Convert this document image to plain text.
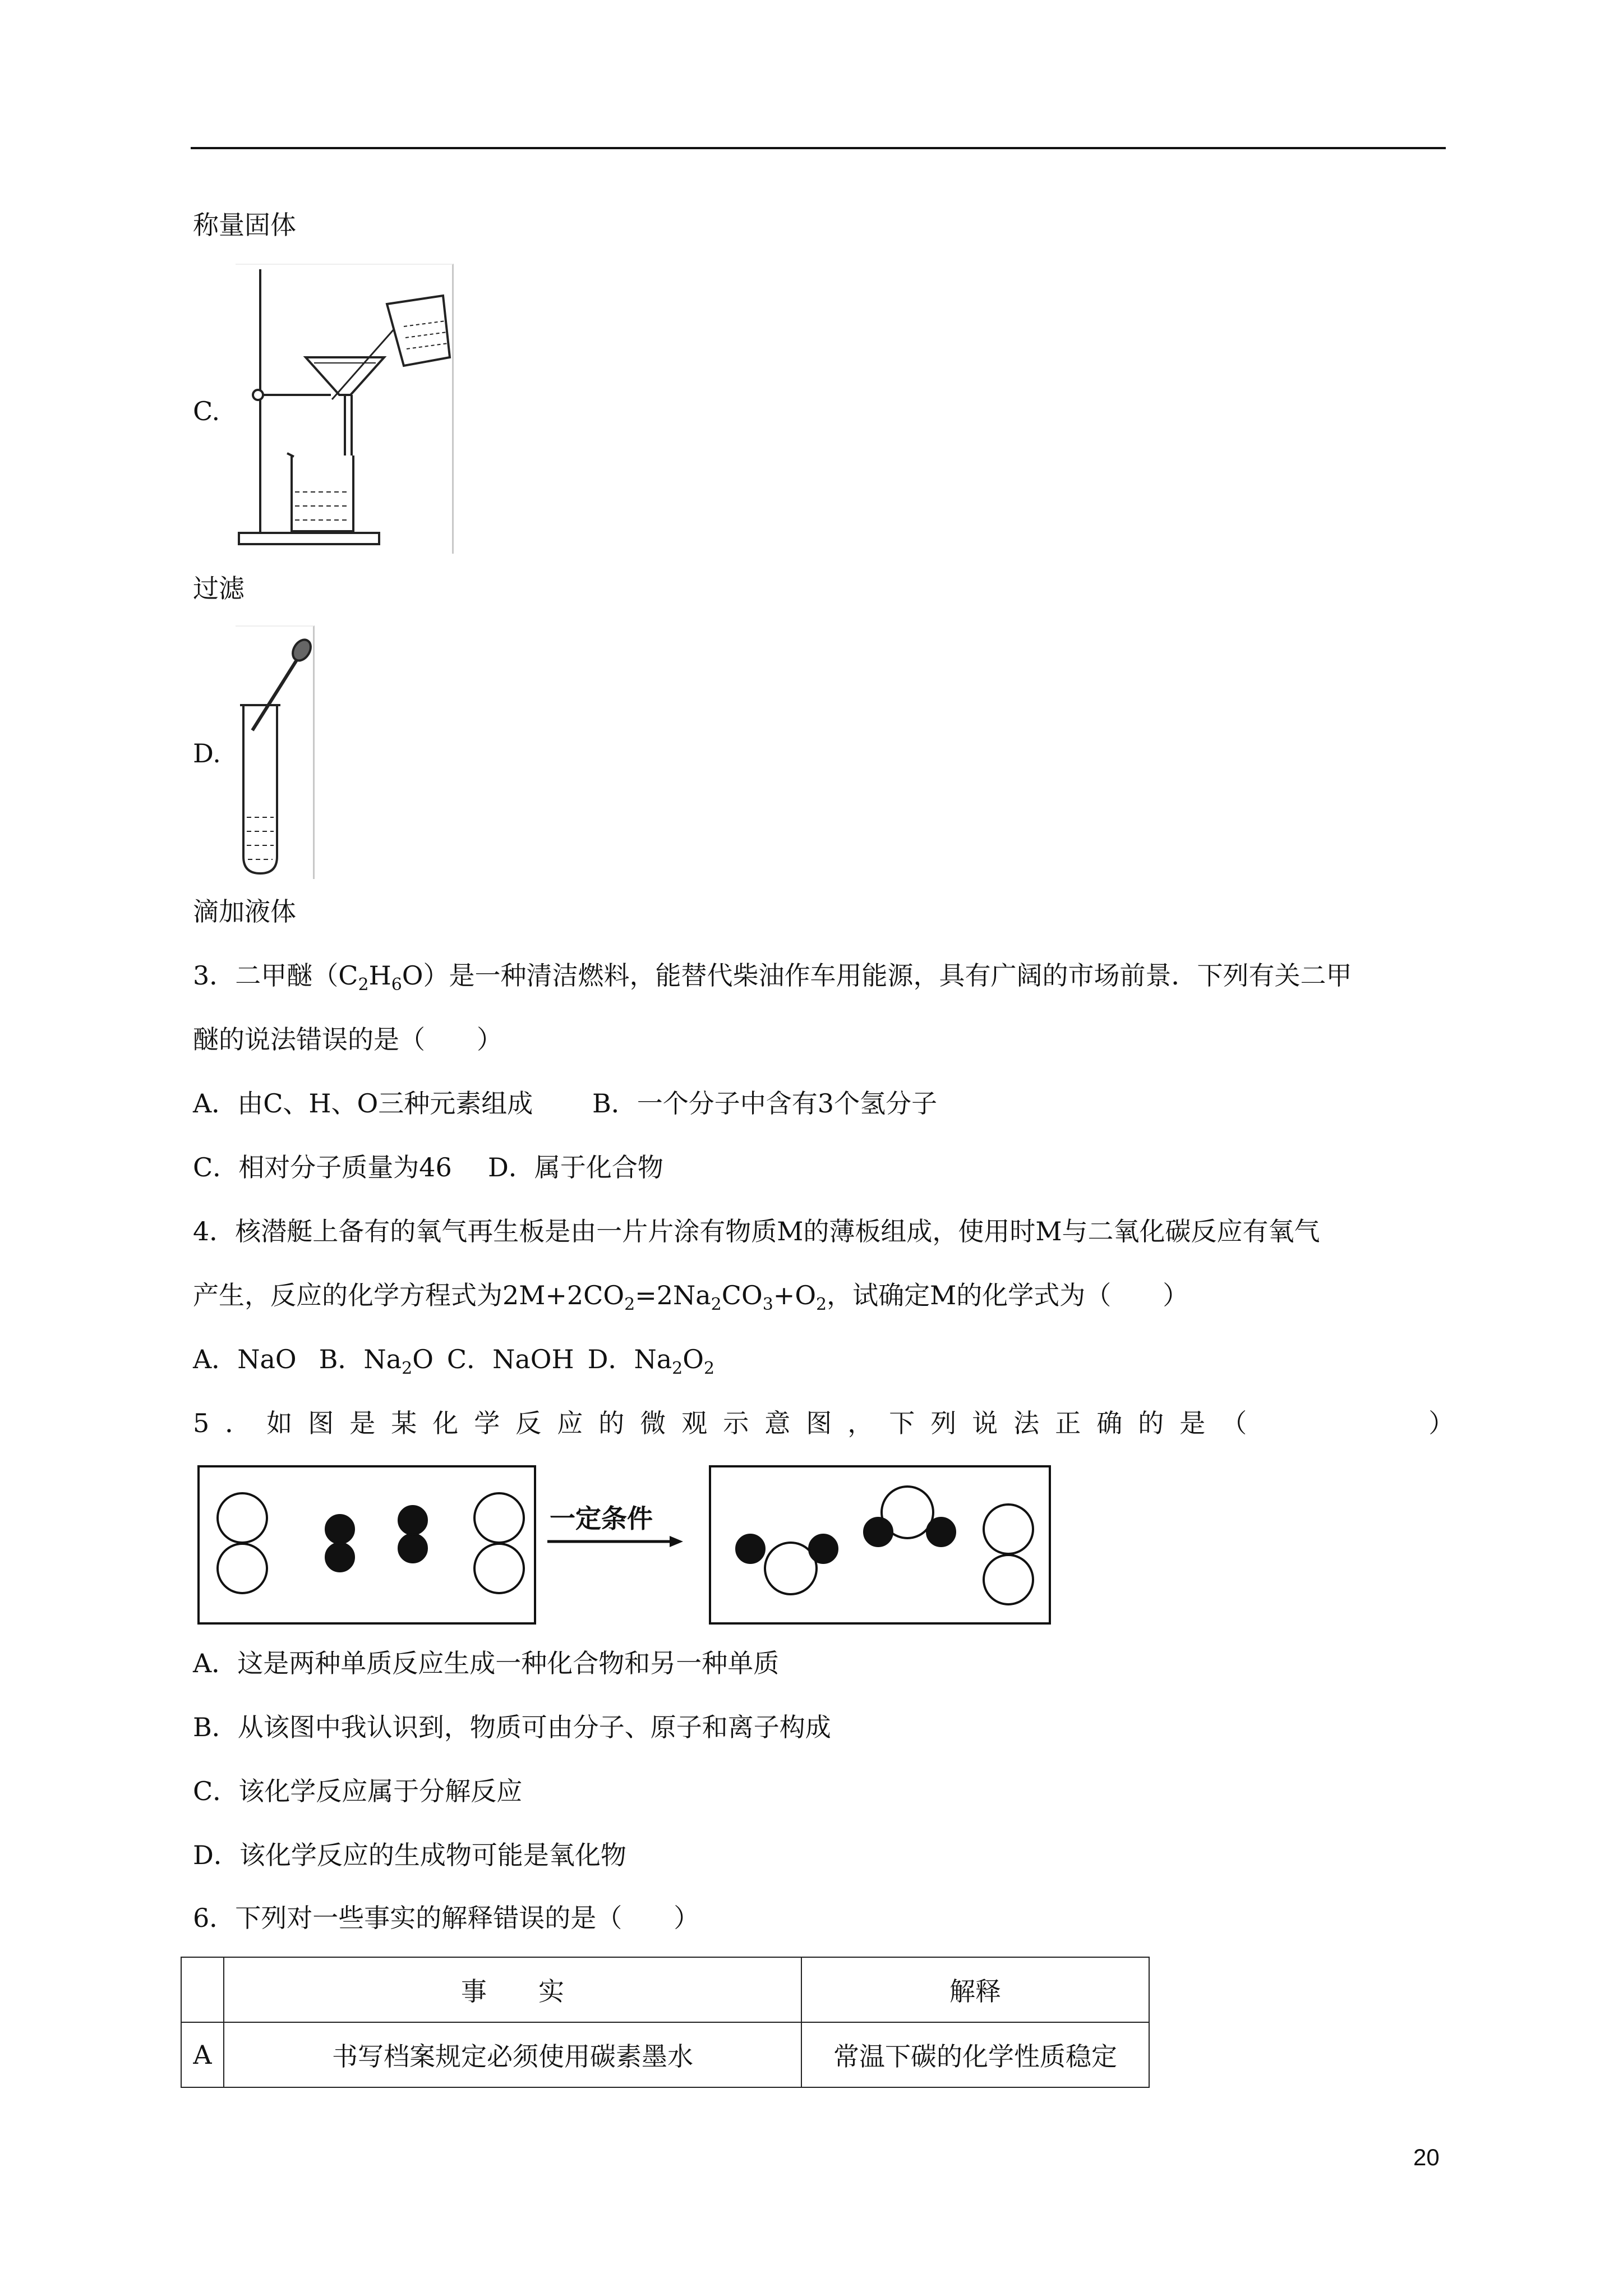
称量固体
C.
过滤
D.
滴加液体
3．二甲醚$(C_2H_6O)$是一种清洁燃料，能替代柴油作车用能源，具有广阔的市场前景．下列有关二甲
醚的说法错误的是（　　）
A．由C、H、O三种元素组成 B．一个分子中含有3个氢分子
C．相对分子质量为46 D．属于化合物
4．核潜艇上备有的氧气再生板是由一片片涂有物质M的薄板组成，使用时M与二氧化碳反应有氧气
产生，反应的化学方程式为$2M+2CO_2=2Na_2CO_3+O_2$，试确定M的化学式为（　　）
A．NaO B．$Na_2O$ C．NaOH D．$Na_2O_2$
5．如图是某化学反应的微观示意图，下列说法正确的是（　　　　）
一定条件
A．这是两种单质反应生成一种化合物和另一种单质
B．从该图中我认识到，物质可由分子、原子和离子构成
C．该化学反应属于分解反应
D．该化学反应的生成物可能是氧化物
6．下列对一些事实的解释错误的是（　　）
	事　　实	解释
A	书写档案规定必须使用碳素墨水	常温下碳的化学性质稳定
20
